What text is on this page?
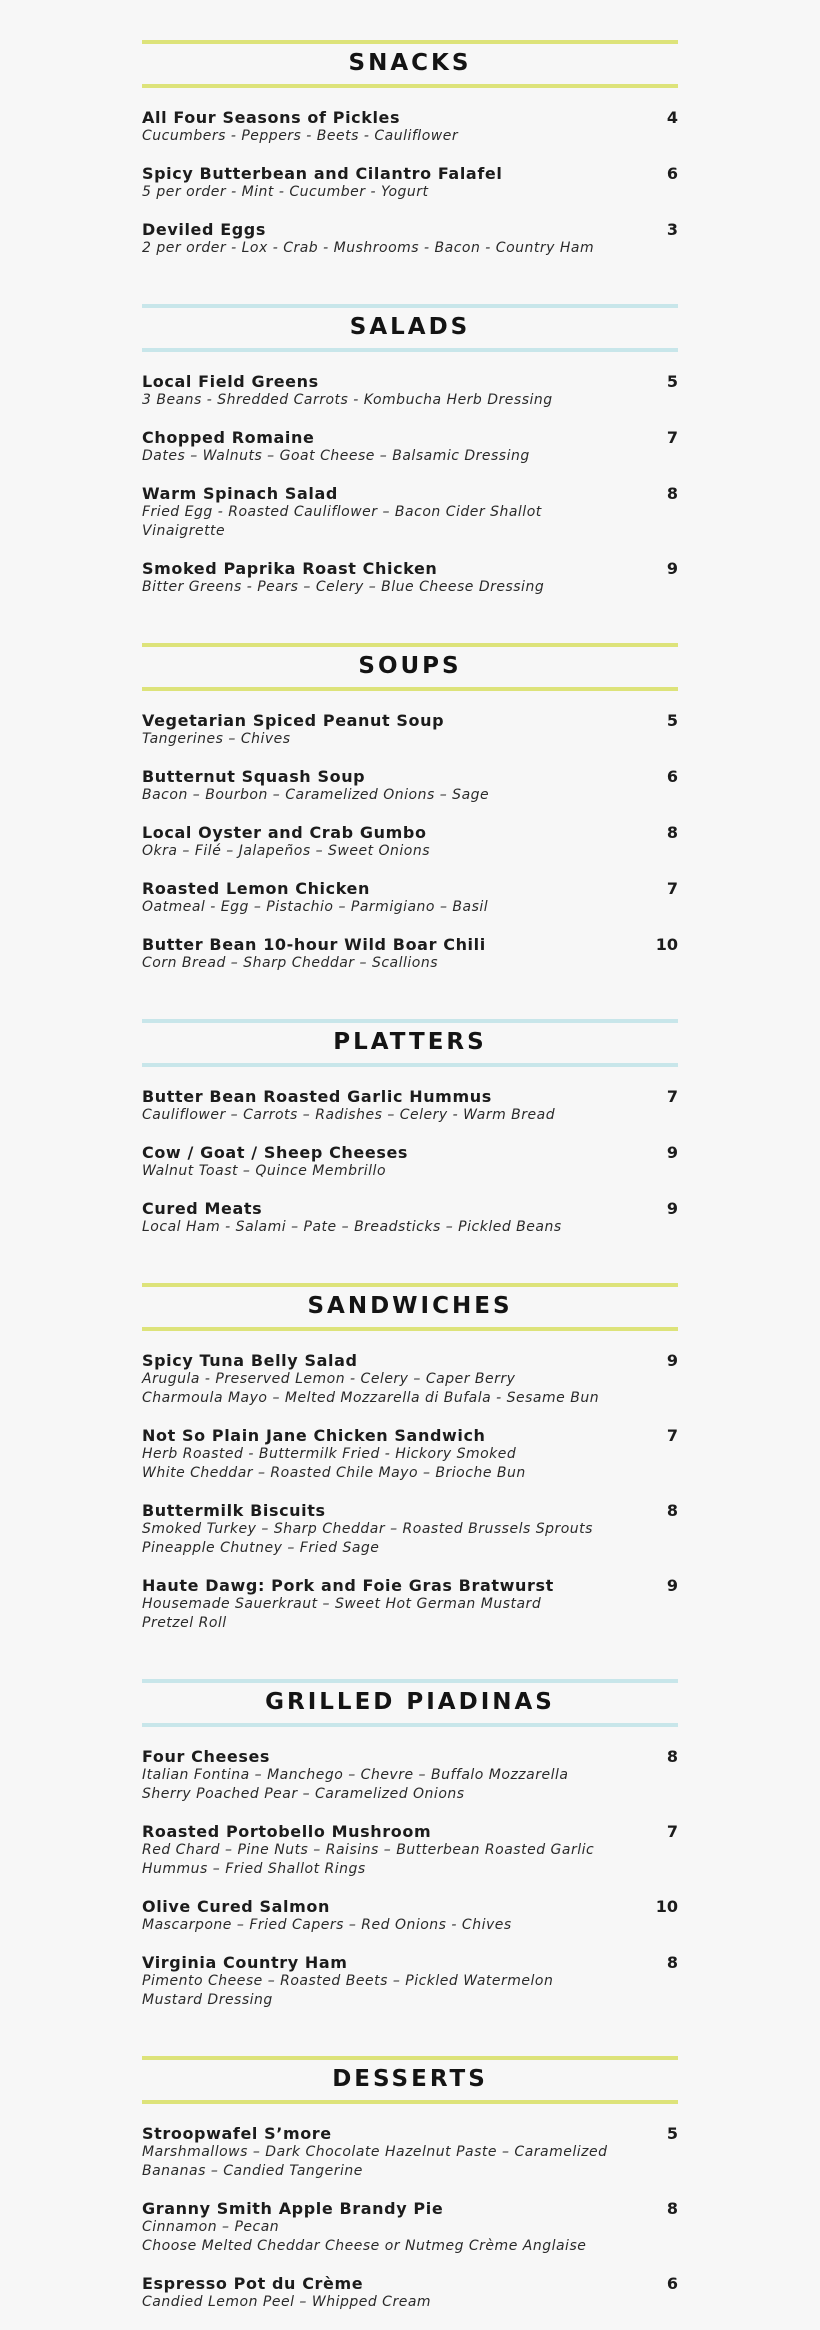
SNACKS
All Four Seasons of Pickles	4
Cucumbers - Peppers - Beets - Cauliflower
Spicy Butterbean and Cilantro Falafel	6
5 per order - Mint - Cucumber - Yogurt
Deviled Eggs	3
2 per order - Lox - Crab - Mushrooms - Bacon - Country Ham
SALADS
Local Field Greens	5
3 Beans - Shredded Carrots - Kombucha Herb Dressing
Chopped Romaine	7
Dates – Walnuts – Goat Cheese – Balsamic Dressing
Warm Spinach Salad	8
Fried Egg - Roasted Cauliflower – Bacon Cider Shallot
Vinaigrette
Smoked Paprika Roast Chicken	9
Bitter Greens - Pears – Celery – Blue Cheese Dressing
SOUPS
Vegetarian Spiced Peanut Soup	5
Tangerines – Chives
Butternut Squash Soup	6
Bacon – Bourbon – Caramelized Onions – Sage
Local Oyster and Crab Gumbo	8
Okra – Filé – Jalapeños – Sweet Onions
Roasted Lemon Chicken	7
Oatmeal - Egg – Pistachio – Parmigiano – Basil
Butter Bean 10-hour Wild Boar Chili	10
Corn Bread – Sharp Cheddar – Scallions
PLATTERS
Butter Bean Roasted Garlic Hummus	7
Cauliflower – Carrots – Radishes – Celery - Warm Bread
Cow / Goat / Sheep Cheeses	9
Walnut Toast – Quince Membrillo
Cured Meats	9
Local Ham - Salami – Pate – Breadsticks – Pickled Beans
SANDWICHES
Spicy Tuna Belly Salad	9
Arugula - Preserved Lemon - Celery – Caper Berry
Charmoula Mayo – Melted Mozzarella di Bufala - Sesame Bun
Not So Plain Jane Chicken Sandwich	7
Herb Roasted - Buttermilk Fried - Hickory Smoked
White Cheddar – Roasted Chile Mayo – Brioche Bun
Buttermilk Biscuits	8
Smoked Turkey – Sharp Cheddar – Roasted Brussels Sprouts
Pineapple Chutney – Fried Sage
Haute Dawg: Pork and Foie Gras Bratwurst	9
Housemade Sauerkraut – Sweet Hot German Mustard
Pretzel Roll
GRILLED PIADINAS
Four Cheeses	8
Italian Fontina – Manchego – Chevre – Buffalo Mozzarella
Sherry Poached Pear – Caramelized Onions
Roasted Portobello Mushroom	7
Red Chard – Pine Nuts – Raisins – Butterbean Roasted Garlic
Hummus – Fried Shallot Rings
Olive Cured Salmon	10
Mascarpone – Fried Capers – Red Onions - Chives
Virginia Country Ham	8
Pimento Cheese – Roasted Beets – Pickled Watermelon
Mustard Dressing
DESSERTS
Stroopwafel S’more	5
Marshmallows – Dark Chocolate Hazelnut Paste – Caramelized
Bananas – Candied Tangerine
Granny Smith Apple Brandy Pie	8
Cinnamon – Pecan
Choose Melted Cheddar Cheese or Nutmeg Crème Anglaise
Espresso Pot du Crème	6
Candied Lemon Peel – Whipped Cream
